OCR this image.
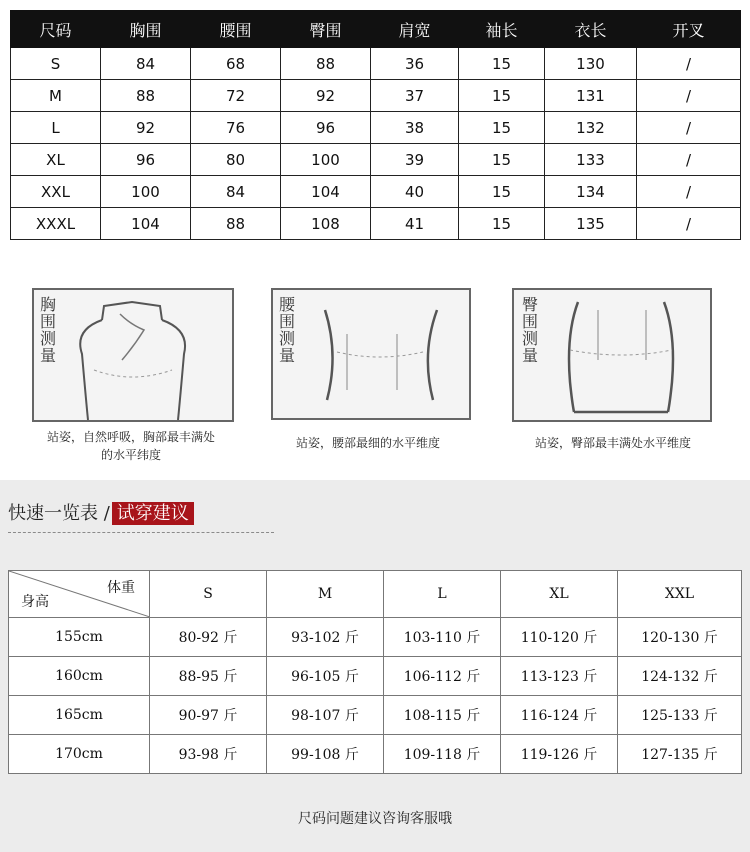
尺码	胸围	腰围	臀围	肩宽	袖长	衣长	开叉
S	84	68	88	36	15	130	/
M	88	72	92	37	15	131	/
L	92	76	96	38	15	132	/
XL	96	80	100	39	15	133	/
XXL	100	84	104	40	15	134	/
XXXL	104	88	108	41	15	135	/
胸围测量
站姿，自然呼吸，胸部最丰满处
的水平纬度
腰围测量
站姿，腰部最细的水平维度
臀围测量
站姿，臀部最丰满处水平维度
快速一览表 / 试穿建议
体重
身高	S	M	L	XL	XXL
155cm	80-92 斤	93-102 斤	103-110 斤	110-120 斤	120-130 斤
160cm	88-95 斤	96-105 斤	106-112 斤	113-123 斤	124-132 斤
165cm	90-97 斤	98-107 斤	108-115 斤	116-124 斤	125-133 斤
170cm	93-98 斤	99-108 斤	109-118 斤	119-126 斤	127-135 斤
尺码问题建议咨询客服哦
